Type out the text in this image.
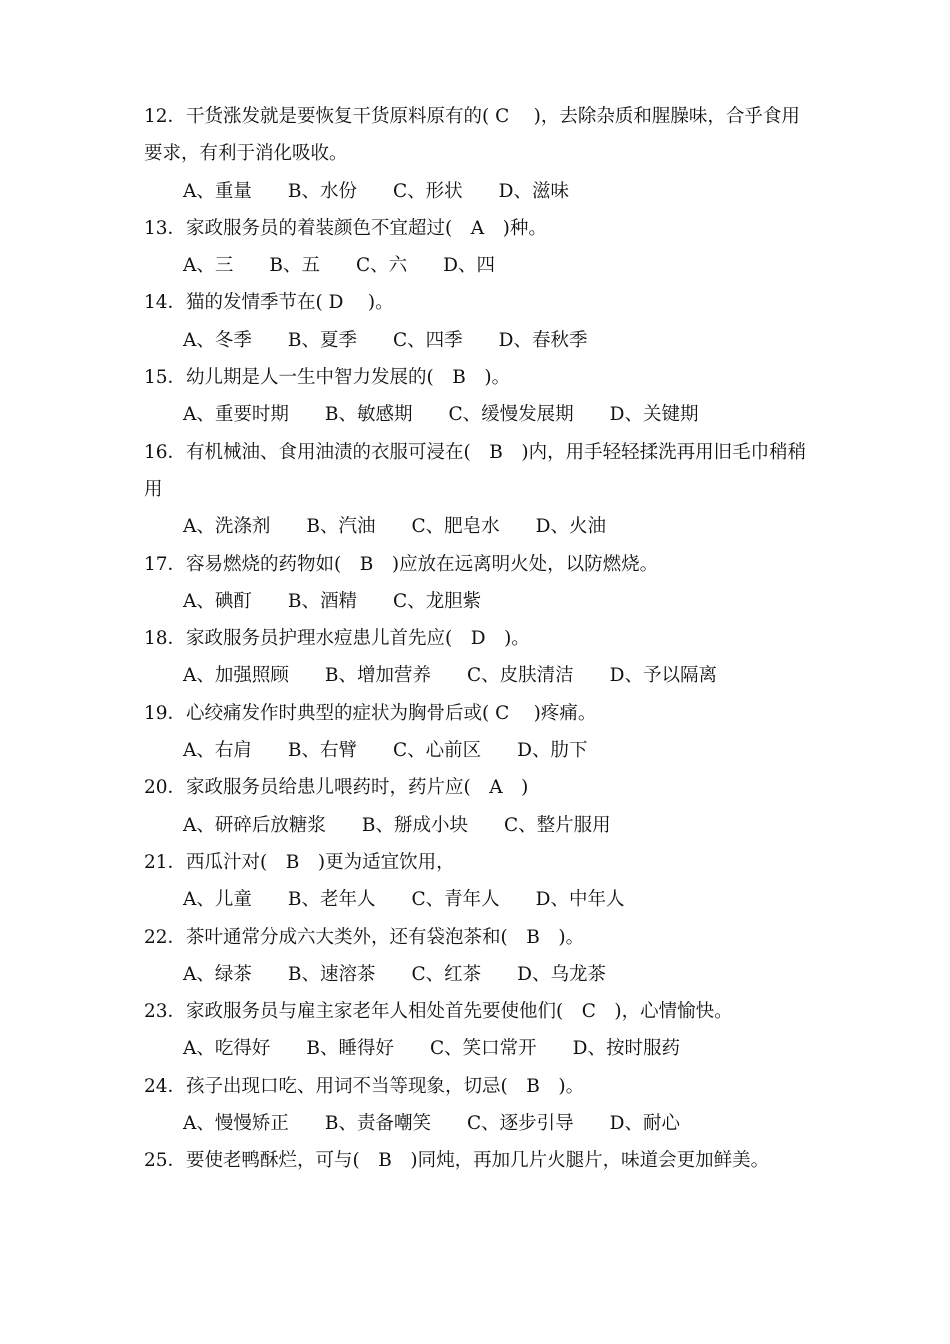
12．干货涨发就是要恢复干货原料原有的( C　 )，去除杂质和腥臊味，合乎食用要求，有利于消化吸收。
A、重量 B、水份 C、形状 D、滋味
13．家政服务员的着装颜色不宜超过(　A　)种。
A、三 B、五 C、六 D、四
14．猫的发情季节在( D　 )。
A、冬季 B、夏季 C、四季 D、春秋季
15．幼儿期是人一生中智力发展的(　B　)。
A、重要时期 B、敏感期 C、缓慢发展期 D、关键期
16．有机械油、食用油渍的衣服可浸在(　B　)内，用手轻轻揉洗再用旧毛巾稍稍用
A、洗涤剂 B、汽油 C、肥皂水 D、火油
17．容易燃烧的药物如(　B　)应放在远离明火处，以防燃烧。
A、碘酊 B、酒精 C、龙胆紫
18．家政服务员护理水痘患儿首先应(　D　)。
A、加强照顾 B、增加营养 C、皮肤清洁 D、予以隔离
19．心绞痛发作时典型的症状为胸骨后或( C　 )疼痛。
A、右肩 B、右臂 C、心前区 D、肋下
20．家政服务员给患儿喂药时，药片应(　A　)
A、研碎后放糖浆 B、掰成小块 C、整片服用
21．西瓜汁对(　B　)更为适宜饮用，
A、儿童 B、老年人 C、青年人 D、中年人
22．茶叶通常分成六大类外，还有袋泡茶和(　B　)。
A、绿茶 B、速溶茶 C、红茶 D、乌龙茶
23．家政服务员与雇主家老年人相处首先要使他们(　C　)，心情愉快。
A、吃得好 B、睡得好 C、笑口常开 D、按时服药
24．孩子出现口吃、用词不当等现象，切忌(　B　)。
A、慢慢矫正 B、责备嘲笑 C、逐步引导 D、耐心
25．要使老鸭酥烂，可与(　B　)同炖，再加几片火腿片，味道会更加鲜美。
